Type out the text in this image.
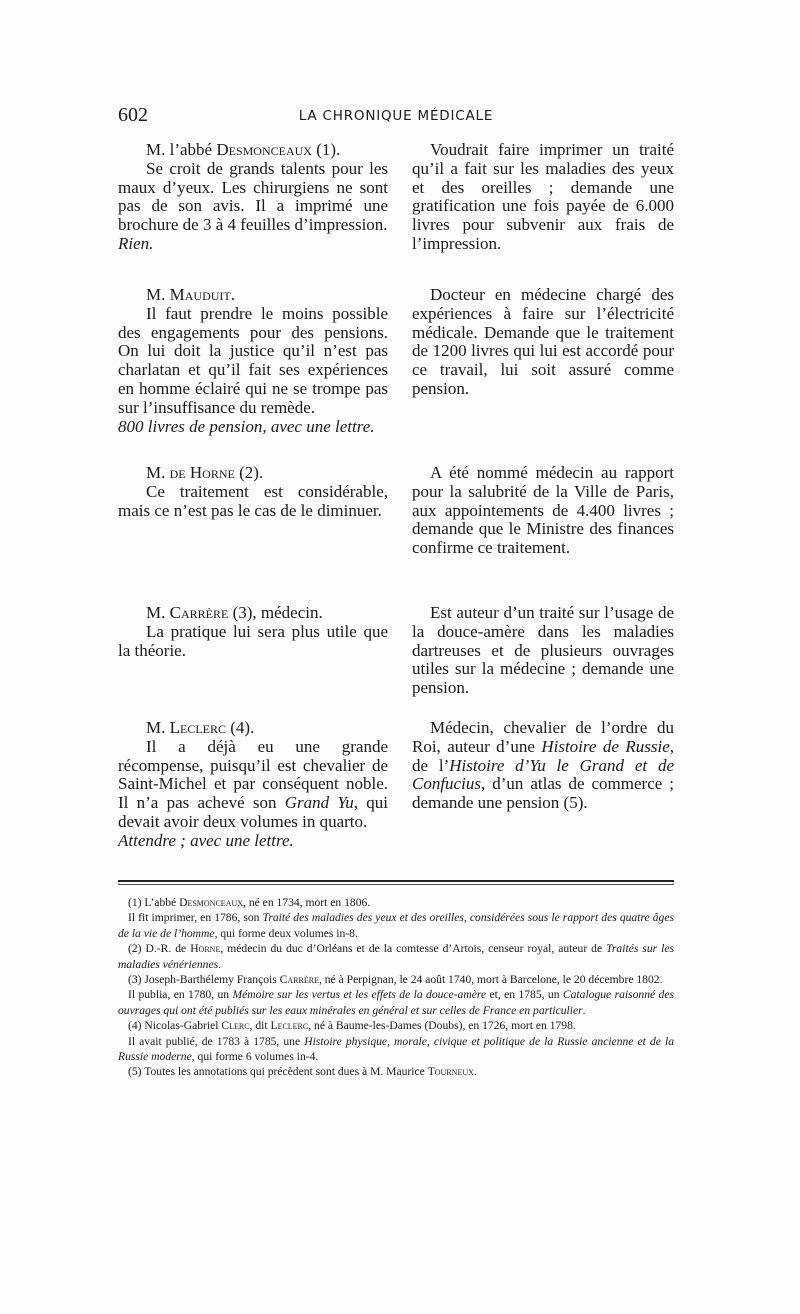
602	LA CHRONIQUE MÉDICALE

M. l’abbé Desmonceaux (1).

Se croit de grands talents pour les maux d’yeux. Les chirurgiens ne sont pas de son avis. Il a imprimé une brochure de 3 à 4 feuilles d’impression.

Rien.

Voudrait faire imprimer un traité qu’il a fait sur les maladies des yeux et des oreilles ; demande une gratification une fois payée de 6.000 livres pour subvenir aux frais de l’impression.

M. Mauduit.

Il faut prendre le moins possible des engagements pour des pensions. On lui doit la justice qu’il n’est pas charlatan et qu’il fait ses expériences en homme éclairé qui ne se trompe pas sur l’insuffisance du remède.

800 livres de pension, avec une lettre.

Docteur en médecine chargé des expériences à faire sur l’électricité médicale. Demande que le traitement de 1200 livres qui lui est accordé pour ce travail, lui soit assuré comme pension.

M. de Horne (2).

Ce traitement est considérable, mais ce n’est pas le cas de le diminuer.

A été nommé médecin au rapport pour la salubrité de la Ville de Paris, aux appointements de 4.400 livres ; demande que le Ministre des finances confirme ce traitement.

M. Carrère (3), médecin.

La pratique lui sera plus utile que la théorie.

Est auteur d’un traité sur l’usage de la douce-amère dans les maladies dartreuses et de plusieurs ouvrages utiles sur la médecine ; demande une pension.

M. Leclerc (4).

Il a déjà eu une grande récompense, puisqu’il est chevalier de Saint-Michel et par conséquent noble. Il n’a pas achevé son Grand Yu, qui devait avoir deux volumes in quarto.

Attendre ; avec une lettre.

Médecin, chevalier de l’ordre du Roi, auteur d’une Histoire de Russie, de l’Histoire d’Yu le Grand et de Confucius, d’un atlas de commerce ; demande une pension (5).

(1) L’abbé Desmonceaux, né en 1734, mort en 1806.

Il fit imprimer, en 1786, son Traité des maladies des yeux et des oreilles, considérées sous le rapport des quatre âges de la vie de l’homme, qui forme deux volumes in-8.

(2) D.-R. de Horne, médecin du duc d’Orléans et de la comtesse d’Artois, censeur royal, auteur de Traités sur les maladies vénériennes.

(3) Joseph-Barthélemy François Carrère, né à Perpignan, le 24 août 1740, mort à Barcelone, le 20 décembre 1802.

Il publia, en 1780, un Mémoire sur les vertus et les effets de la douce-amère et, en 1785, un Catalogue raisonné des ouvrages qui ont été publiés sur les eaux minérales en général et sur celles de France en particulier.

(4) Nicolas-Gabriel Clerc, dit Leclerc, né à Baume-les-Dames (Doubs), en 1726, mort en 1798.

Il avait publié, de 1783 à 1785, une Histoire physique, morale, civique et politique de la Russie ancienne et de la Russie moderne, qui forme 6 volumes in-4.

(5) Toutes les annotations qui précèdent sont dues à M. Maurice Tourneux.
